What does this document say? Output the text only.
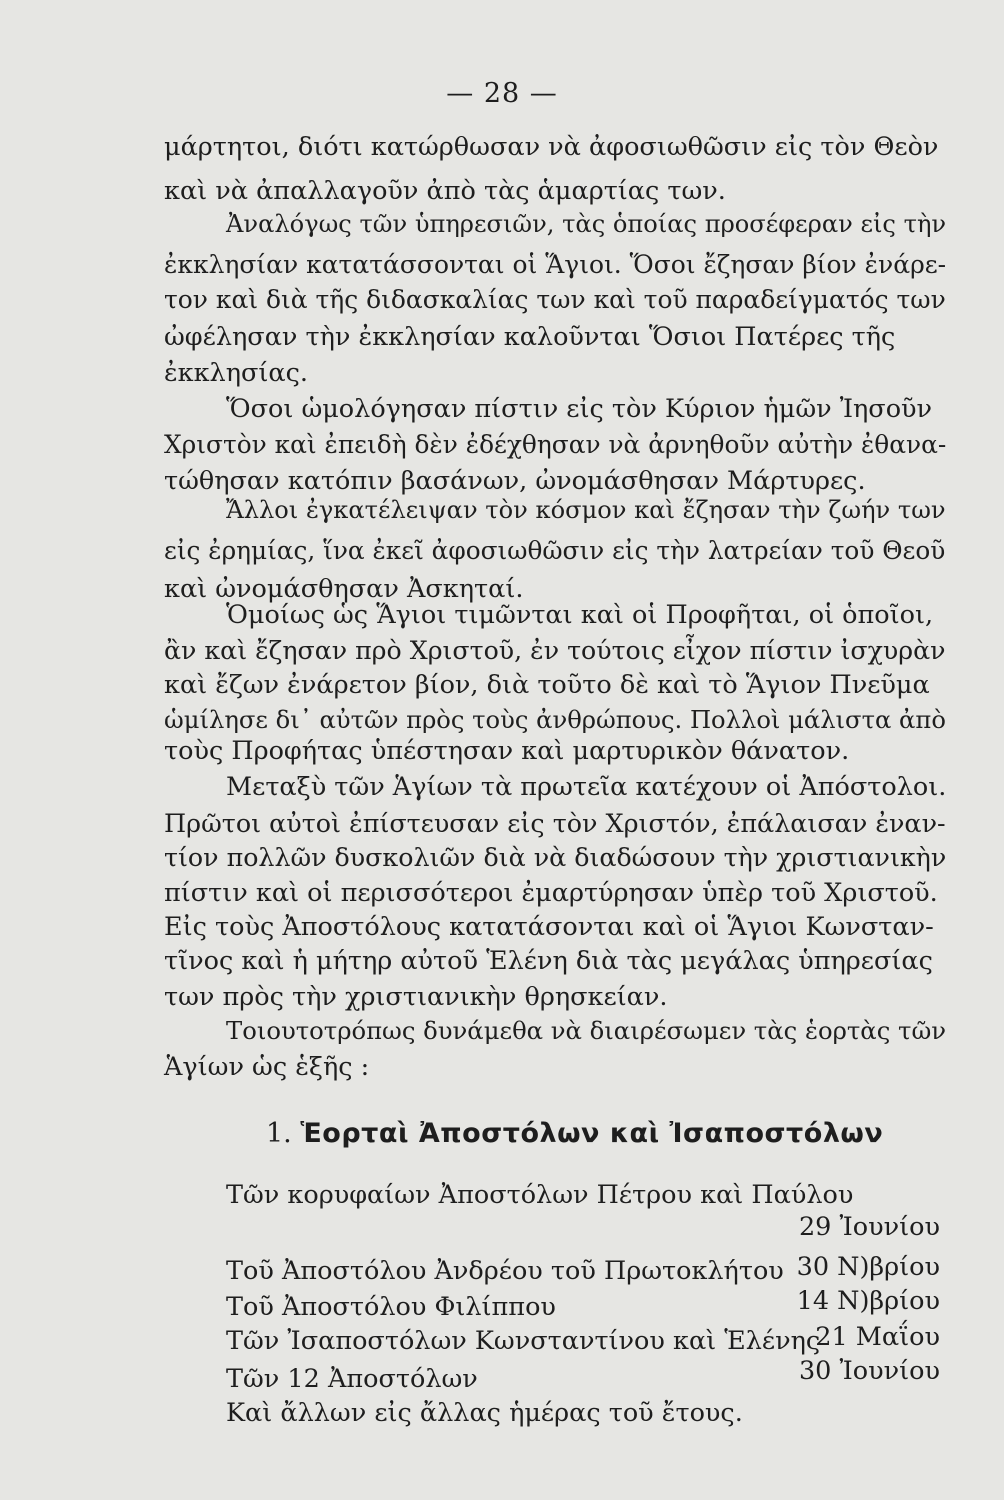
— 28 —
μάρτητοι, διότι κατώρθωσαν νὰ ἀφοσιωθῶσιν εἰς τὸν Θεὸν
καὶ νὰ ἀπαλλαγοῦν ἀπὸ τὰς ἁμαρτίας των.
Ἀναλόγως τῶν ὑπηρεσιῶν, τὰς ὁποίας προσέφεραν εἰς τὴν
ἐκκλησίαν κατατάσσονται οἱ Ἅγιοι. Ὅσοι ἔζησαν βίον ἐνάρε-
τον καὶ διὰ τῆς διδασκαλίας των καὶ τοῦ παραδείγματός των
ὠφέλησαν τὴν ἐκκλησίαν καλοῦνται Ὅσιοι Πατέρες τῆς
ἐκκλησίας.
Ὅσοι ὡμολόγησαν πίστιν εἰς τὸν Κύριον ἡμῶν Ἰησοῦν
Χριστὸν καὶ ἐπειδὴ δὲν ἐδέχθησαν νὰ ἀρνηθοῦν αὐτὴν ἐθανα-
τώθησαν κατόπιν βασάνων, ὠνομάσθησαν Μάρτυρες.
Ἄλλοι ἐγκατέλειψαν τὸν κόσμον καὶ ἔζησαν τὴν ζωήν των
εἰς ἐρημίας, ἵνα ἐκεῖ ἀφοσιωθῶσιν εἰς τὴν λατρείαν τοῦ Θεοῦ
καὶ ὠνομάσθησαν Ἀσκηταί.
Ὁμοίως ὡς Ἅγιοι τιμῶνται καὶ οἱ Προφῆται, οἱ ὁποῖοι,
ἂν καὶ ἔζησαν πρὸ Χριστοῦ, ἐν τούτοις εἶχον πίστιν ἰσχυρὰν
καὶ ἔζων ἐνάρετον βίον, διὰ τοῦτο δὲ καὶ τὸ Ἅγιον Πνεῦμα
ὡμίλησε δι᾽ αὐτῶν πρὸς τοὺς ἀνθρώπους. Πολλοὶ μάλιστα ἀπὸ
τοὺς Προφήτας ὑπέστησαν καὶ μαρτυρικὸν θάνατον.
Μεταξὺ τῶν Ἁγίων τὰ πρωτεῖα κατέχουν οἱ Ἀπόστολοι.
Πρῶτοι αὐτοὶ ἐπίστευσαν εἰς τὸν Χριστόν, ἐπάλαισαν ἐναν-
τίον πολλῶν δυσκολιῶν διὰ νὰ διαδώσουν τὴν χριστιανικὴν
πίστιν καὶ οἱ περισσότεροι ἐμαρτύρησαν ὑπὲρ τοῦ Χριστοῦ.
Εἰς τοὺς Ἀποστόλους κατατάσονται καὶ οἱ Ἅγιοι Κωνσταν-
τῖνος καὶ ἡ μήτηρ αὐτοῦ Ἑλένη διὰ τὰς μεγάλας ὑπηρεσίας
των πρὸς τὴν χριστιανικὴν θρησκείαν.
Τοιουτοτρόπως δυνάμεθα νὰ διαιρέσωμεν τὰς ἑορτὰς τῶν
Ἁγίων ὡς ἑξῆς :
1. Ἑορταὶ Ἀποστόλων καὶ Ἰσαποστόλων
Τῶν κορυφαίων Ἀποστόλων Πέτρου καὶ Παύλου
29 Ἰουνίου
Τοῦ Ἀποστόλου Ἀνδρέου τοῦ Πρωτοκλήτου 30 Ν)βρίου
Τοῦ Ἀποστόλου Φιλίππου	14 Ν)βρίου
Τῶν Ἰσαποστόλων Κωνσταντίνου καὶ Ἑλένης
21 Μαΐου
Τῶν 12 Ἀποστόλων	30 Ἰουνίου
Καὶ ἄλλων εἰς ἄλλας ἡμέρας τοῦ ἔτους.
